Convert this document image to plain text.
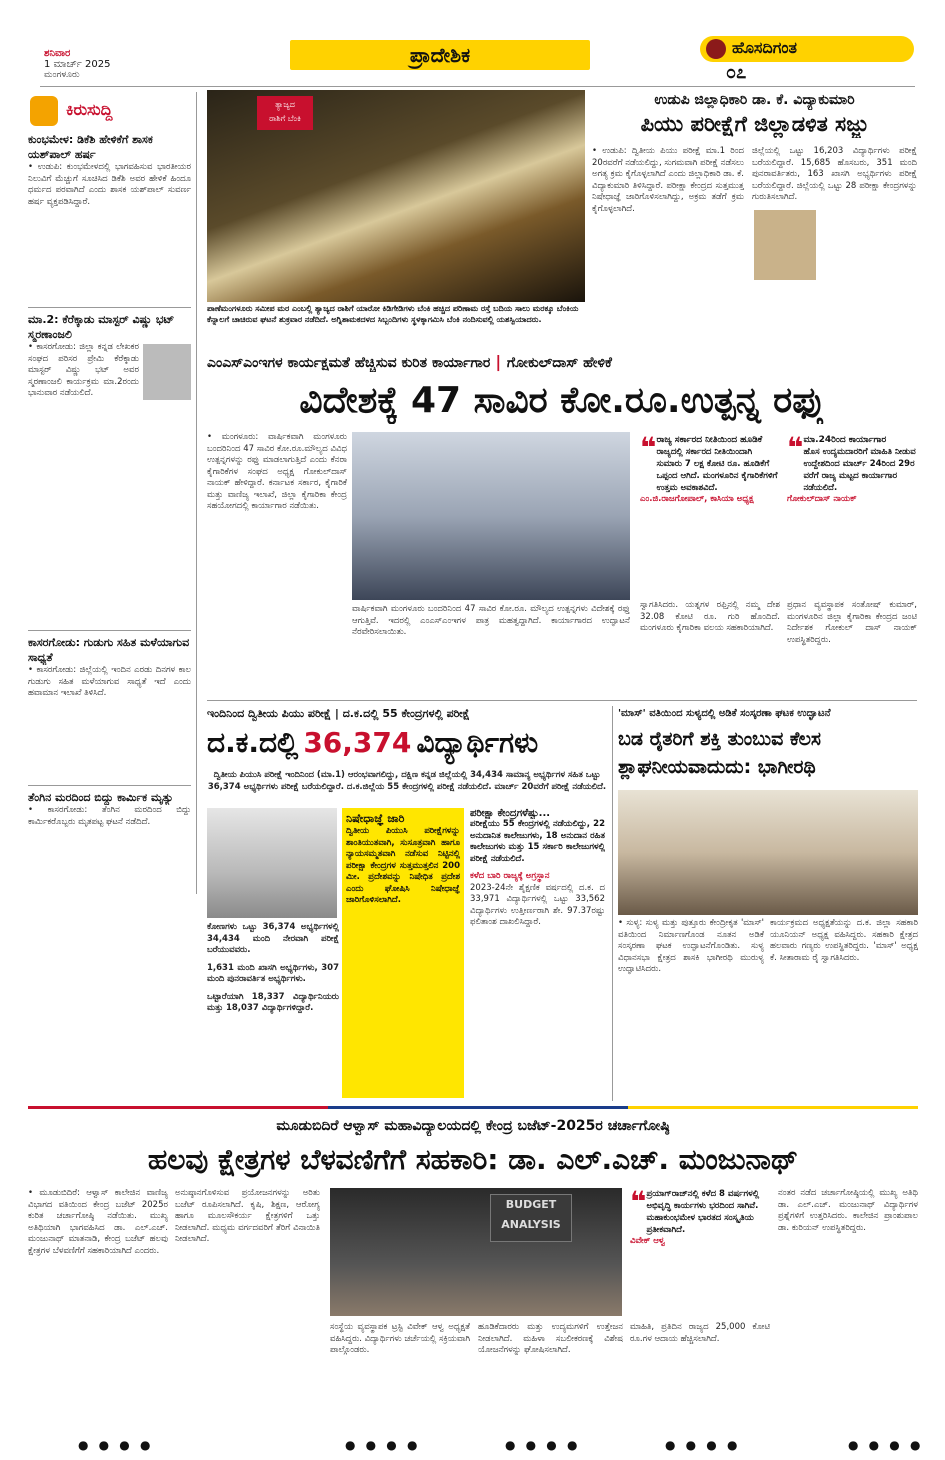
ಶನಿವಾರ
1 ಮಾರ್ಚ್ 2025
ಮಂಗಳೂರು
ಪ್ರಾದೇಶಿಕ	ಹೊಸದಿಗಂತ
೦೭
ಕಿರುಸುದ್ದಿ
ಕುಂಭಮೇಳ: ಡಿಕೆಶಿ ಹೇಳಿಕೆಗೆ ಶಾಸಕ ಯಶ್‌ಪಾಲ್ ಹರ್ಷ
• ಉಡುಪಿ: ಕುಂಭಮೇಳದಲ್ಲಿ ಭಾಗವಹಿಸುವ ಭಾರತೀಯರ ನಿಲುವಿಗೆ ಮೆಚ್ಚುಗೆ ಸೂಚಿಸಿದ ಡಿಕೆಶಿ ಅವರ ಹೇಳಿಕೆ ಹಿಂದೂ ಧರ್ಮದ ಪರವಾಗಿದೆ ಎಂದು ಶಾಸಕ ಯಶ್‌ಪಾಲ್ ಸುವರ್ಣ ಹರ್ಷ ವ್ಯಕ್ತಪಡಿಸಿದ್ದಾರೆ.
ಮಾ.2: ಕೆರೆಕ್ಕಾಡು ಮಾಸ್ಟರ್ ವಿಷ್ಣು ಭಟ್ ಸ್ಮರಣಾಂಜಲಿ
• ಕಾಸರಗೋಡು: ಜಿಲ್ಲಾ ಕನ್ನಡ ಲೇಖಕರ ಸಂಘದ ಪರಿಸರ ಪ್ರೇಮಿ ಕೆರೆಕ್ಕಾಡು ಮಾಸ್ಟರ್ ವಿಷ್ಣು ಭಟ್ ಅವರ ಸ್ಮರಣಾಂಜಲಿ ಕಾರ್ಯಕ್ರಮ ಮಾ.2ರಂದು ಭಾನುವಾರ ನಡೆಯಲಿದೆ.
ಕಾಸರಗೋಡು: ಗುಡುಗು ಸಹಿತ ಮಳೆಯಾಗುವ ಸಾಧ್ಯತೆ
• ಕಾಸರಗೋಡು: ಜಿಲ್ಲೆಯಲ್ಲಿ ಇಂದಿನ ಎರಡು ದಿನಗಳ ಕಾಲ ಗುಡುಗು ಸಹಿತ ಮಳೆಯಾಗುವ ಸಾಧ್ಯತೆ ಇದೆ ಎಂದು ಹವಾಮಾನ ಇಲಾಖೆ ತಿಳಿಸಿದೆ.
ತೆಂಗಿನ ಮರದಿಂದ ಬಿದ್ದು ಕಾರ್ಮಿಕ ಮೃತ್ಯು
• ಕಾಸರಗೋಡು: ತೆಂಗಿನ ಮರದಿಂದ ಬಿದ್ದು ಕಾರ್ಮಿಕರೊಬ್ಬರು ಮೃತಪಟ್ಟ ಘಟನೆ ನಡೆದಿದೆ.
ತ್ಯಾಜ್ಯದ
ರಾಶಿಗೆ ಬೆಂಕಿ
ಪಾಣೆಮಂಗಳೂರು ಸಮೀಪ ಮರ ಎಂಬಲ್ಲಿ ತ್ಯಾಜ್ಯದ ರಾಶಿಗೆ ಯಾರೋ ಕಿಡಿಗೇಡಿಗಳು ಬೆಂಕಿ ಹಚ್ಚಿದ ಪರಿಣಾಮ ರಸ್ತೆ ಬದಿಯ ಸಾಲು ಮರಕ್ಕೂ ಬೆಂಕಿಯ ಕೆನ್ನಾಲಗೆ ಚಾಚಿರುವ ಘಟನೆ ಶುಕ್ರವಾರ ನಡೆದಿದೆ. ಅಗ್ನಿಶಾಮಕದಳದ ಸಿಬ್ಬಂದಿಗಳು ಸ್ಥಳಕ್ಕಾಗಮಿಸಿ ಬೆಂಕಿ ನಂದಿಸುವಲ್ಲಿ ಯಶಸ್ವಿಯಾದರು.
ಉಡುಪಿ ಜಿಲ್ಲಾಧಿಕಾರಿ ಡಾ. ಕೆ. ವಿದ್ಯಾಕುಮಾರಿ
ಪಿಯು ಪರೀಕ್ಷೆಗೆ ಜಿಲ್ಲಾಡಳಿತ ಸಜ್ಜು
• ಉಡುಪಿ: ದ್ವಿತೀಯ ಪಿಯು ಪರೀಕ್ಷೆ ಮಾ.1 ರಿಂದ 20ರವರೆಗೆ ನಡೆಯಲಿದ್ದು, ಸುಗಮವಾಗಿ ಪರೀಕ್ಷೆ ನಡೆಸಲು ಅಗತ್ಯ ಕ್ರಮ ಕೈಗೊಳ್ಳಲಾಗಿದೆ ಎಂದು ಜಿಲ್ಲಾಧಿಕಾರಿ ಡಾ. ಕೆ. ವಿದ್ಯಾಕುಮಾರಿ ತಿಳಿಸಿದ್ದಾರೆ. ಪರೀಕ್ಷಾ ಕೇಂದ್ರದ ಸುತ್ತಮುತ್ತ ನಿಷೇಧಾಜ್ಞೆ ಜಾರಿಗೊಳಿಸಲಾಗಿದ್ದು, ಅಕ್ರಮ ತಡೆಗೆ ಕ್ರಮ ಕೈಗೊಳ್ಳಲಾಗಿದೆ.
ಜಿಲ್ಲೆಯಲ್ಲಿ ಒಟ್ಟು 16,203 ವಿದ್ಯಾರ್ಥಿಗಳು ಪರೀಕ್ಷೆ ಬರೆಯಲಿದ್ದಾರೆ. 15,685 ಹೊಸಬರು, 351 ಮಂದಿ ಪುನರಾವರ್ತಿತರು, 163 ಖಾಸಗಿ ಅಭ್ಯರ್ಥಿಗಳು ಪರೀಕ್ಷೆ ಬರೆಯಲಿದ್ದಾರೆ. ಜಿಲ್ಲೆಯಲ್ಲಿ ಒಟ್ಟು 28 ಪರೀಕ್ಷಾ ಕೇಂದ್ರಗಳನ್ನು ಗುರುತಿಸಲಾಗಿದೆ.
ಎಂಎಸ್‌ಎಂಇಗಳ ಕಾರ್ಯಕ್ಷಮತೆ ಹೆಚ್ಚಿಸುವ ಕುರಿತ ಕಾರ್ಯಾಗಾರ | ಗೋಕುಲ್‌ದಾಸ್ ಹೇಳಿಕೆ
ವಿದೇಶಕ್ಕೆ 47 ಸಾವಿರ ಕೋ.ರೂ.ಉತ್ಪನ್ನ ರಫ್ತು
• ಮಂಗಳೂರು: ವಾರ್ಷಿಕವಾಗಿ ಮಂಗಳೂರು ಬಂದರಿನಿಂದ 47 ಸಾವಿರ ಕೋ.ರೂ.ಮೌಲ್ಯದ ವಿವಿಧ ಉತ್ಪನ್ನಗಳನ್ನು ರಫ್ತು ಮಾಡಲಾಗುತ್ತಿದೆ ಎಂದು ಕೆನರಾ ಕೈಗಾರಿಕೆಗಳ ಸಂಘದ ಅಧ್ಯಕ್ಷ ಗೋಕುಲ್‌ದಾಸ್ ನಾಯಕ್ ಹೇಳಿದ್ದಾರೆ. ಕರ್ನಾಟಕ ಸರ್ಕಾರ, ಕೈಗಾರಿಕೆ ಮತ್ತು ವಾಣಿಜ್ಯ ಇಲಾಖೆ, ಜಿಲ್ಲಾ ಕೈಗಾರಿಕಾ ಕೇಂದ್ರ ಸಹಯೋಗದಲ್ಲಿ ಕಾರ್ಯಾಗಾರ ನಡೆಯಿತು.
ವಾರ್ಷಿಕವಾಗಿ ಮಂಗಳೂರು ಬಂದರಿನಿಂದ 47 ಸಾವಿರ ಕೋ.ರೂ. ಮೌಲ್ಯದ ಉತ್ಪನ್ನಗಳು ವಿದೇಶಕ್ಕೆ ರಫ್ತು ಆಗುತ್ತಿವೆ. ಇದರಲ್ಲಿ ಎಂಎಸ್‌ಎಂಇಗಳ ಪಾತ್ರ ಮಹತ್ವದ್ದಾಗಿದೆ. ಕಾರ್ಯಾಗಾರದ ಉದ್ಘಾಟನೆ ನೆರವೇರಿಸಲಾಯಿತು.
❝ ರಾಜ್ಯ ಸರ್ಕಾರದ ನೀತಿಯಿಂದ ಹೂಡಿಕೆ
ರಾಜ್ಯದಲ್ಲಿ ಸರ್ಕಾರದ ನೀತಿಯಿಂದಾಗಿ ಸುಮಾರು 7 ಲಕ್ಷ ಕೋಟಿ ರೂ. ಹೂಡಿಕೆಗೆ ಒಪ್ಪಂದ ಆಗಿದೆ. ಮಂಗಳೂರಿನ ಕೈಗಾರಿಕೆಗಳಿಗೆ ಉತ್ತಮ ಅವಕಾಶವಿದೆ.
ಎಂ.ಜಿ.ರಾಜಗೋಪಾಲ್, ಕಾಸಿಯಾ ಅಧ್ಯಕ್ಷ
❝ ಮಾ.24ರಿಂದ ಕಾರ್ಯಾಗಾರ
ಹೊಸ ಉದ್ಯಮದಾರರಿಗೆ ಮಾಹಿತಿ ನೀಡುವ ಉದ್ದೇಶದಿಂದ ಮಾರ್ಚ್ 24ರಿಂದ 29ರ ವರೆಗೆ ರಾಜ್ಯ ಮಟ್ಟದ ಕಾರ್ಯಾಗಾರ ನಡೆಯಲಿದೆ.
ಗೋಕುಲ್‌ದಾಸ್ ನಾಯಕ್
ಸ್ವಾಗತಿಸಿದರು. ಯತ್ನಗಳ ರಫ್ತಿನಲ್ಲಿ ನಮ್ಮ ದೇಶ 32.08 ಕೋಟಿ ರೂ. ಗುರಿ ಹೊಂದಿದೆ. ಮಂಗಳೂರು ಕೈಗಾರಿಕಾ ವಲಯ ಸಹಕಾರಿಯಾಗಿದೆ.
ಪ್ರಧಾನ ವ್ಯವಸ್ಥಾಪಕ ಸಂತೋಷ್ ಕುಮಾರ್, ಮಂಗಳೂರಿನ ಜಿಲ್ಲಾ ಕೈಗಾರಿಕಾ ಕೇಂದ್ರದ ಜಂಟಿ ನಿರ್ದೇಶಕ ಗೋಕುಲ್ ದಾಸ್ ನಾಯಕ್ ಉಪಸ್ಥಿತರಿದ್ದರು.
ಇಂದಿನಿಂದ ದ್ವಿತೀಯ ಪಿಯು ಪರೀಕ್ಷೆ | ದ.ಕ.ದಲ್ಲಿ 55 ಕೇಂದ್ರಗಳಲ್ಲಿ ಪರೀಕ್ಷೆ
ದ.ಕ.ದಲ್ಲಿ 36,374 ವಿದ್ಯಾರ್ಥಿಗಳು
ದ್ವಿತೀಯ ಪಿಯುಸಿ ಪರೀಕ್ಷೆ ಇಂದಿನಿಂದ (ಮಾ.1) ಆರಂಭವಾಗಲಿದ್ದು, ದಕ್ಷಿಣ ಕನ್ನಡ ಜಿಲ್ಲೆಯಲ್ಲಿ 34,434 ಸಾಮಾನ್ಯ ಅಭ್ಯರ್ಥಿಗಳ ಸಹಿತ ಒಟ್ಟು 36,374 ಅಭ್ಯರ್ಥಿಗಳು ಪರೀಕ್ಷೆ ಬರೆಯಲಿದ್ದಾರೆ. ದ.ಕ.ಜಿಲ್ಲೆಯ 55 ಕೇಂದ್ರಗಳಲ್ಲಿ ಪರೀಕ್ಷೆ ನಡೆಯಲಿದೆ. ಮಾರ್ಚ್ 20ವರೆಗೆ ಪರೀಕ್ಷೆ ನಡೆಯಲಿದೆ.
ಕೋಣಗಳು ಒಟ್ಟು 36,374 ಅಭ್ಯರ್ಥಿಗಳಲ್ಲಿ 34,434 ಮಂದಿ ನೇರವಾಗಿ ಪರೀಕ್ಷೆ ಬರೆಯುವವರು.
1,631 ಮಂದಿ ಖಾಸಗಿ ಅಭ್ಯರ್ಥಿಗಳು, 307 ಮಂದಿ ಪುನರಾವರ್ತಿತ ಅಭ್ಯರ್ಥಿಗಳು.
ಒಟ್ಟಾರೆಯಾಗಿ 18,337 ವಿದ್ಯಾರ್ಥಿನಿಯರು ಮತ್ತು 18,037 ವಿದ್ಯಾರ್ಥಿಗಳಿದ್ದಾರೆ.
ನಿಷೇಧಾಜ್ಞೆ ಜಾರಿ
ದ್ವಿತೀಯ ಪಿಯುಸಿ ಪರೀಕ್ಷೆಗಳನ್ನು ಶಾಂತಿಯುತವಾಗಿ, ಸುಸೂತ್ರವಾಗಿ ಹಾಗೂ ನ್ಯಾಯಸಮ್ಮತವಾಗಿ ನಡೆಸುವ ನಿಟ್ಟಿನಲ್ಲಿ ಪರೀಕ್ಷಾ ಕೇಂದ್ರಗಳ ಸುತ್ತಮುತ್ತಲಿನ 200 ಮೀ. ಪ್ರದೇಶವನ್ನು ನಿಷೇಧಿತ ಪ್ರದೇಶ ಎಂದು ಘೋಷಿಸಿ ನಿಷೇಧಾಜ್ಞೆ ಜಾರಿಗೊಳಿಸಲಾಗಿದೆ.
ಪರೀಕ್ಷಾ ಕೇಂದ್ರಗಳೆಷ್ಟು...
ಪರೀಕ್ಷೆಯು 55 ಕೇಂದ್ರಗಳಲ್ಲಿ ನಡೆಯಲಿದ್ದು, 22 ಅನುದಾನಿತ ಕಾಲೇಜುಗಳು, 18 ಅನುದಾನ ರಹಿತ ಕಾಲೇಜುಗಳು ಮತ್ತು 15 ಸರ್ಕಾರಿ ಕಾಲೇಜುಗಳಲ್ಲಿ ಪರೀಕ್ಷೆ ನಡೆಯಲಿದೆ.
ಕಳೆದ ಬಾರಿ ರಾಜ್ಯಕ್ಕೆ ಅಗ್ರಸ್ಥಾನ
2023-24ನೇ ಶೈಕ್ಷಣಿಕ ವರ್ಷದಲ್ಲಿ ದ.ಕ. ದ 33,971 ವಿದ್ಯಾರ್ಥಿಗಳಲ್ಲಿ ಒಟ್ಟು 33,562 ವಿದ್ಯಾರ್ಥಿಗಳು ಉತ್ತೀರ್ಣರಾಗಿ ಶೇ. 97.37ರಷ್ಟು ಫಲಿತಾಂಶ ದಾಖಲಿಸಿದ್ದಾರೆ.
'ಮಾಸ್' ವತಿಯಿಂದ ಸುಳ್ಯದಲ್ಲಿ ಅಡಿಕೆ ಸಂಸ್ಕರಣಾ ಘಟಕ ಉದ್ಘಾಟನೆ
ಬಡ ರೈತರಿಗೆ ಶಕ್ತಿ ತುಂಬುವ ಕೆಲಸ
ಶ್ಲಾಘನೀಯವಾದುದು: ಭಾಗೀರಥಿ
• ಸುಳ್ಯ: ಸುಳ್ಯ ಮತ್ತು ಪುತ್ತೂರು ಕೇಂದ್ರೀಕೃತ 'ಮಾಸ್' ವತಿಯಿಂದ ನಿರ್ಮಾಣಗೊಂಡ ನೂತನ ಅಡಿಕೆ ಸಂಸ್ಕರಣಾ ಘಟಕ ಉದ್ಘಾಟನೆಗೊಂಡಿತು. ಸುಳ್ಯ ವಿಧಾನಸಭಾ ಕ್ಷೇತ್ರದ ಶಾಸಕಿ ಭಾಗೀರಥಿ ಮುರುಳ್ಯ ಉದ್ಘಾಟಿಸಿದರು.
ಕಾರ್ಯಕ್ರಮದ ಅಧ್ಯಕ್ಷತೆಯನ್ನು ದ.ಕ. ಜಿಲ್ಲಾ ಸಹಕಾರಿ ಯೂನಿಯನ್ ಅಧ್ಯಕ್ಷ ವಹಿಸಿದ್ದರು. ಸಹಕಾರಿ ಕ್ಷೇತ್ರದ ಹಲವಾರು ಗಣ್ಯರು ಉಪಸ್ಥಿತರಿದ್ದರು. 'ಮಾಸ್' ಅಧ್ಯಕ್ಷ ಕೆ. ಸೀತಾರಾಮ ರೈ ಸ್ವಾಗತಿಸಿದರು.
ಮೂಡುಬಿದಿರೆ ಆಳ್ವಾಸ್ ಮಹಾವಿದ್ಯಾಲಯದಲ್ಲಿ ಕೇಂದ್ರ ಬಜೆಟ್-2025ರ ಚರ್ಚಾಗೋಷ್ಠಿ
ಹಲವು ಕ್ಷೇತ್ರಗಳ ಬೆಳವಣಿಗೆಗೆ ಸಹಕಾರಿ: ಡಾ. ಎಲ್.ಎಚ್. ಮಂಜುನಾಥ್
• ಮೂಡುಬಿದಿರೆ: ಆಳ್ವಾಸ್ ಕಾಲೇಜಿನ ವಾಣಿಜ್ಯ ವಿಭಾಗದ ವತಿಯಿಂದ ಕೇಂದ್ರ ಬಜೆಟ್ 2025ರ ಕುರಿತ ಚರ್ಚಾಗೋಷ್ಠಿ ನಡೆಯಿತು. ಮುಖ್ಯ ಅತಿಥಿಯಾಗಿ ಭಾಗವಹಿಸಿದ ಡಾ. ಎಲ್.ಎಚ್. ಮಂಜುನಾಥ್ ಮಾತನಾಡಿ, ಕೇಂದ್ರ ಬಜೆಟ್ ಹಲವು ಕ್ಷೇತ್ರಗಳ ಬೆಳವಣಿಗೆಗೆ ಸಹಕಾರಿಯಾಗಿದೆ ಎಂದರು.
ಅನುಷ್ಠಾನಗೊಳಿಸುವ ಪ್ರಯೋಜನಗಳನ್ನು ಅರಿತು ಬಜೆಟ್ ರೂಪಿಸಲಾಗಿದೆ. ಕೃಷಿ, ಶಿಕ್ಷಣ, ಆರೋಗ್ಯ ಹಾಗೂ ಮೂಲಸೌಕರ್ಯ ಕ್ಷೇತ್ರಗಳಿಗೆ ಒತ್ತು ನೀಡಲಾಗಿದೆ. ಮಧ್ಯಮ ವರ್ಗದವರಿಗೆ ತೆರಿಗೆ ವಿನಾಯಿತಿ ನೀಡಲಾಗಿದೆ.
BUDGET
ANALYSIS
ಸಂಸ್ಥೆಯ ವ್ಯವಸ್ಥಾಪಕ ಟ್ರಸ್ಟಿ ವಿವೇಕ್ ಆಳ್ವ ಅಧ್ಯಕ್ಷತೆ ವಹಿಸಿದ್ದರು. ವಿದ್ಯಾರ್ಥಿಗಳು ಚರ್ಚೆಯಲ್ಲಿ ಸಕ್ರಿಯವಾಗಿ ಪಾಲ್ಗೊಂಡರು.
ಹೂಡಿಕೆದಾರರು ಮತ್ತು ಉದ್ಯಮಗಳಿಗೆ ಉತ್ತೇಜನ ನೀಡಲಾಗಿದೆ. ಮಹಿಳಾ ಸಬಲೀಕರಣಕ್ಕೆ ವಿಶೇಷ ಯೋಜನೆಗಳನ್ನು ಘೋಷಿಸಲಾಗಿದೆ.
❝ ಪ್ರಯಾಗ್‌ರಾಜ್‌ನಲ್ಲಿ ಕಳೆದ 8 ವರ್ಷಗಳಲ್ಲಿ ಅಭಿವೃದ್ಧಿ ಕಾರ್ಯಗಳು ಭರದಿಂದ ಸಾಗಿವೆ. ಮಹಾಕುಂಭಮೇಳ ಭಾರತದ ಸಂಸ್ಕೃತಿಯ ಪ್ರತೀಕವಾಗಿದೆ.
ವಿವೇಕ್ ಆಳ್ವ
ಮಾಹಿತಿ, ಪ್ರತಿದಿನ ರಾಜ್ಯದ 25,000 ಕೋಟಿ ರೂ.ಗಳ ಆದಾಯ ಹೆಚ್ಚಿಸಲಾಗಿದೆ.
ನಂತರ ನಡೆದ ಚರ್ಚಾಗೋಷ್ಠಿಯಲ್ಲಿ ಮುಖ್ಯ ಅತಿಥಿ ಡಾ. ಎಲ್.ಎಚ್. ಮಂಜುನಾಥ್ ವಿದ್ಯಾರ್ಥಿಗಳ ಪ್ರಶ್ನೆಗಳಿಗೆ ಉತ್ತರಿಸಿದರು. ಕಾಲೇಜಿನ ಪ್ರಾಂಶುಪಾಲ ಡಾ. ಕುರಿಯನ್ ಉಪಸ್ಥಿತರಿದ್ದರು.
● ● ● ●	● ● ● ●	● ● ● ●	● ● ● ●	● ● ● ●
